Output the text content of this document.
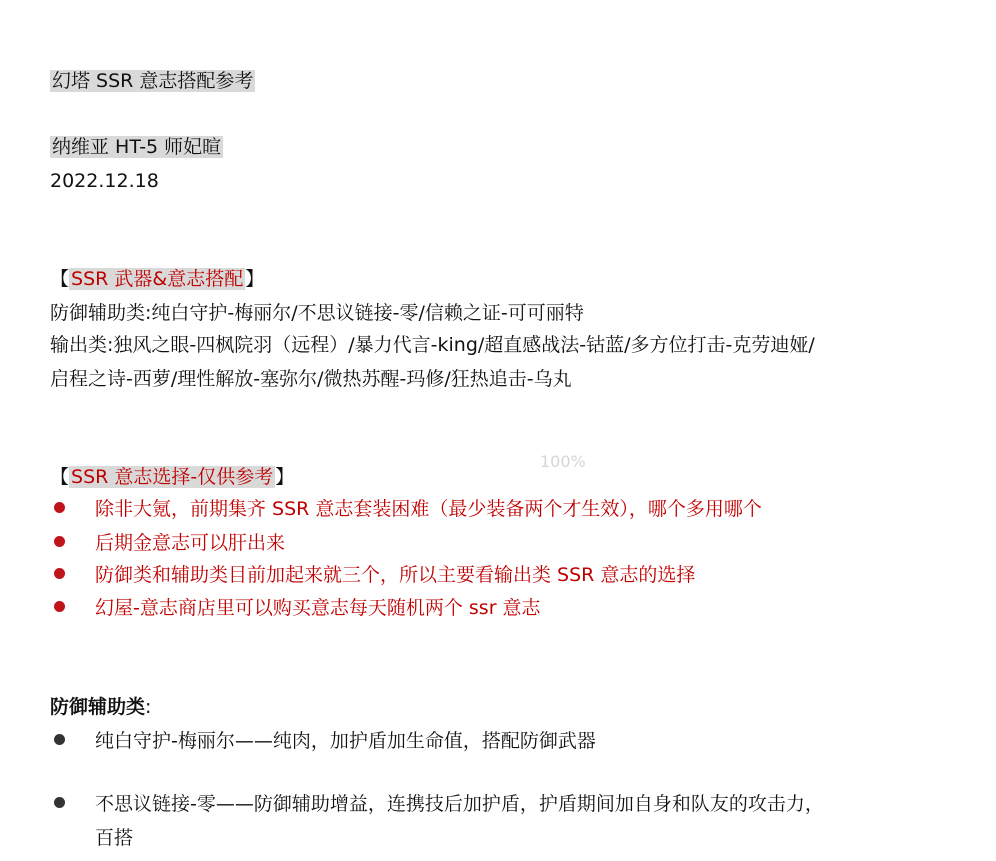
幻塔 SSR 意志搭配参考
纳维亚 HT-5 师妃暄
2022.12.18
【 SSR 武器&意志搭配 】
防御辅助类:纯白守护-梅丽尔/不思议链接-零/信赖之证-可可丽特
输出类:独风之眼-四枫院羽（远程）/暴力代言-king/超直感战法-钴蓝/多方位打击-克劳迪娅/
启程之诗-西萝/理性解放-塞弥尔/微热苏醒-玛修/狂热追击-乌丸
100%
【 SSR 意志选择-仅供参考 】
除非大氪，前期集齐 SSR 意志套装困难（最少装备两个才生效），哪个多用哪个
后期金意志可以肝出来
防御类和辅助类目前加起来就三个，所以主要看输出类 SSR 意志的选择
幻屋-意志商店里可以购买意志每天随机两个 ssr 意志
防御辅助类:
纯白守护-梅丽尔——纯肉，加护盾加生命值，搭配防御武器
不思议链接-零——防御辅助增益，连携技后加护盾，护盾期间加自身和队友的攻击力，
百搭
